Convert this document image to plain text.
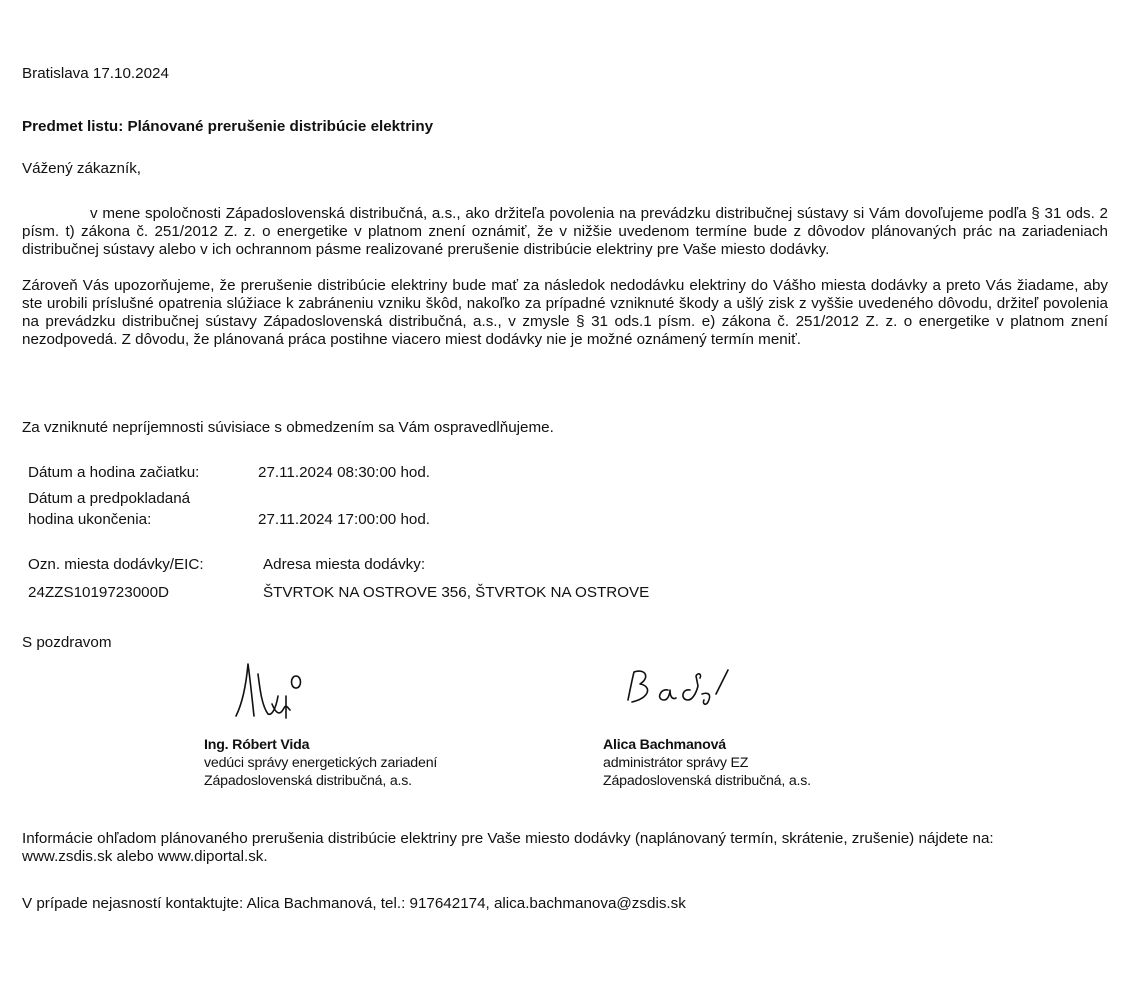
Bratislava 17.10.2024
Predmet listu: Plánované prerušenie distribúcie elektriny
Vážený zákazník,
v mene spoločnosti Západoslovenská distribučná, a.s., ako držiteľa povolenia na prevádzku distribučnej sústavy si Vám dovoľujeme podľa § 31 ods. 2 písm. t) zákona č. 251/2012 Z. z. o energetike v platnom znení oznámiť, že v nižšie uvedenom termíne bude z dôvodov plánovaných prác na zariadeniach distribučnej sústavy alebo v ich ochrannom pásme realizované prerušenie distribúcie elektriny pre Vaše miesto dodávky.
Zároveň Vás upozorňujeme, že prerušenie distribúcie elektriny bude mať za následok nedodávku elektriny do Vášho miesta dodávky a preto Vás žiadame, aby ste urobili príslušné opatrenia slúžiace k zabráneniu vzniku škôd, nakoľko za prípadné vzniknuté škody a ušlý zisk z vyššie uvedeného dôvodu, držiteľ povolenia na prevádzku distribučnej sústavy Západoslovenská distribučná, a.s., v zmysle § 31 ods.1 písm. e) zákona č. 251/2012 Z. z. o energetike v platnom znení nezodpovedá. Z dôvodu, že plánovaná práca postihne viacero miest dodávky nie je možné oznámený termín meniť.
Za vzniknuté nepríjemnosti súvisiace s obmedzením sa Vám ospravedlňujeme.
Dátum a hodina začiatku:	27.11.2024 08:30:00 hod.
Dátum a predpokladaná
hodina ukončenia:	27.11.2024 17:00:00 hod.
Ozn. miesta dodávky/EIC:	Adresa miesta dodávky:
24ZZS1019723000D	ŠTVRTOK NA OSTROVE 356, ŠTVRTOK NA OSTROVE
S pozdravom
Ing. Róbert Vida
vedúci správy energetických zariadení
Západoslovenská distribučná, a.s.
Alica Bachmanová
administrátor správy EZ
Západoslovenská distribučná, a.s.
Informácie ohľadom plánovaného prerušenia distribúcie elektriny pre Vaše miesto dodávky (naplánovaný termín, skrátenie, zrušenie) nájdete na: www.zsdis.sk alebo www.diportal.sk.
V prípade nejasností kontaktujte: Alica Bachmanová, tel.: 917642174, alica.bachmanova@zsdis.sk
